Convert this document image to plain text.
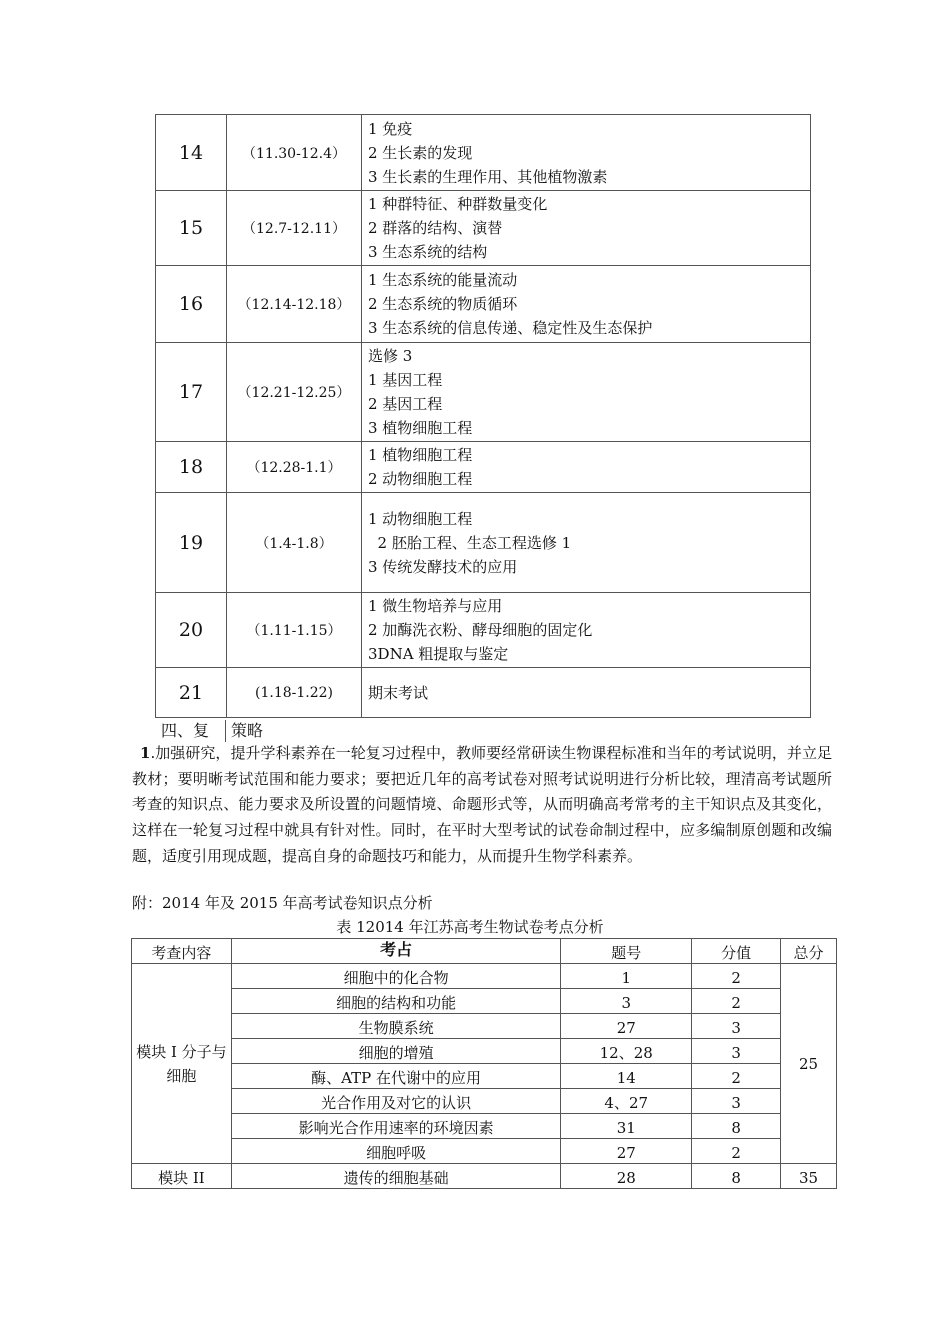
14	（11.30-12.4）	1 免疫
2 生长素的发现
3 生长素的生理作用、其他植物激素

15	（12.7-12.11）	1 种群特征、种群数量变化
2 群落的结构、演替
3 生态系统的结构

16	（12.14-12.18）	1 生态系统的能量流动
2 生态系统的物质循环
3 生态系统的信息传递、稳定性及生态保护

17	（12.21-12.25）	选修 3
1 基因工程
2 基因工程
3 植物细胞工程

18	（12.28-1.1）	1 植物细胞工程
2 动物细胞工程

19	（1.4-1.8）	1 动物细胞工程
2 胚胎工程、生态工程选修 1
3 传统发酵技术的应用

20	（1.11-1.15）	1 微生物培养与应用
2 加酶洗衣粉、酵母细胞的固定化
3DNA 粗提取与鉴定

21	(1.18-1.22)	期末考试
四、复 策略
1.加强研究，提升学科素养在一轮复习过程中，教师要经常研读生物课程标准和当年的考试说明，并立足教材；要明晰考试范围和能力要求；要把近几年的高考试卷对照考试说明进行分析比较，理清高考试题所考查的知识点、能力要求及所设置的问题情境、命题形式等，从而明确高考常考的主干知识点及其变化，这样在一轮复习过程中就具有针对性。同时，在平时大型考试的试卷命制过程中，应多编制原创题和改编题，适度引用现成题，提高自身的命题技巧和能力，从而提升生物学科素养。
附：2014 年及 2015 年高考试卷知识点分析
表 12014 年江苏高考生物试卷考点分析
考查内容	考占	题号	分值	总分
模块 I 分子与细胞	细胞中的化合物	1	2	25
	细胞的结构和功能	3	2	
	生物膜系统	27	3	
	细胞的增殖	12、28	3	
	酶、ATP 在代谢中的应用	14	2	
	光合作用及对它的认识	4、27	3	
	影响光合作用速率的环境因素	31	8	
	细胞呼吸	27	2	
模块 II	遗传的细胞基础	28	8	35
